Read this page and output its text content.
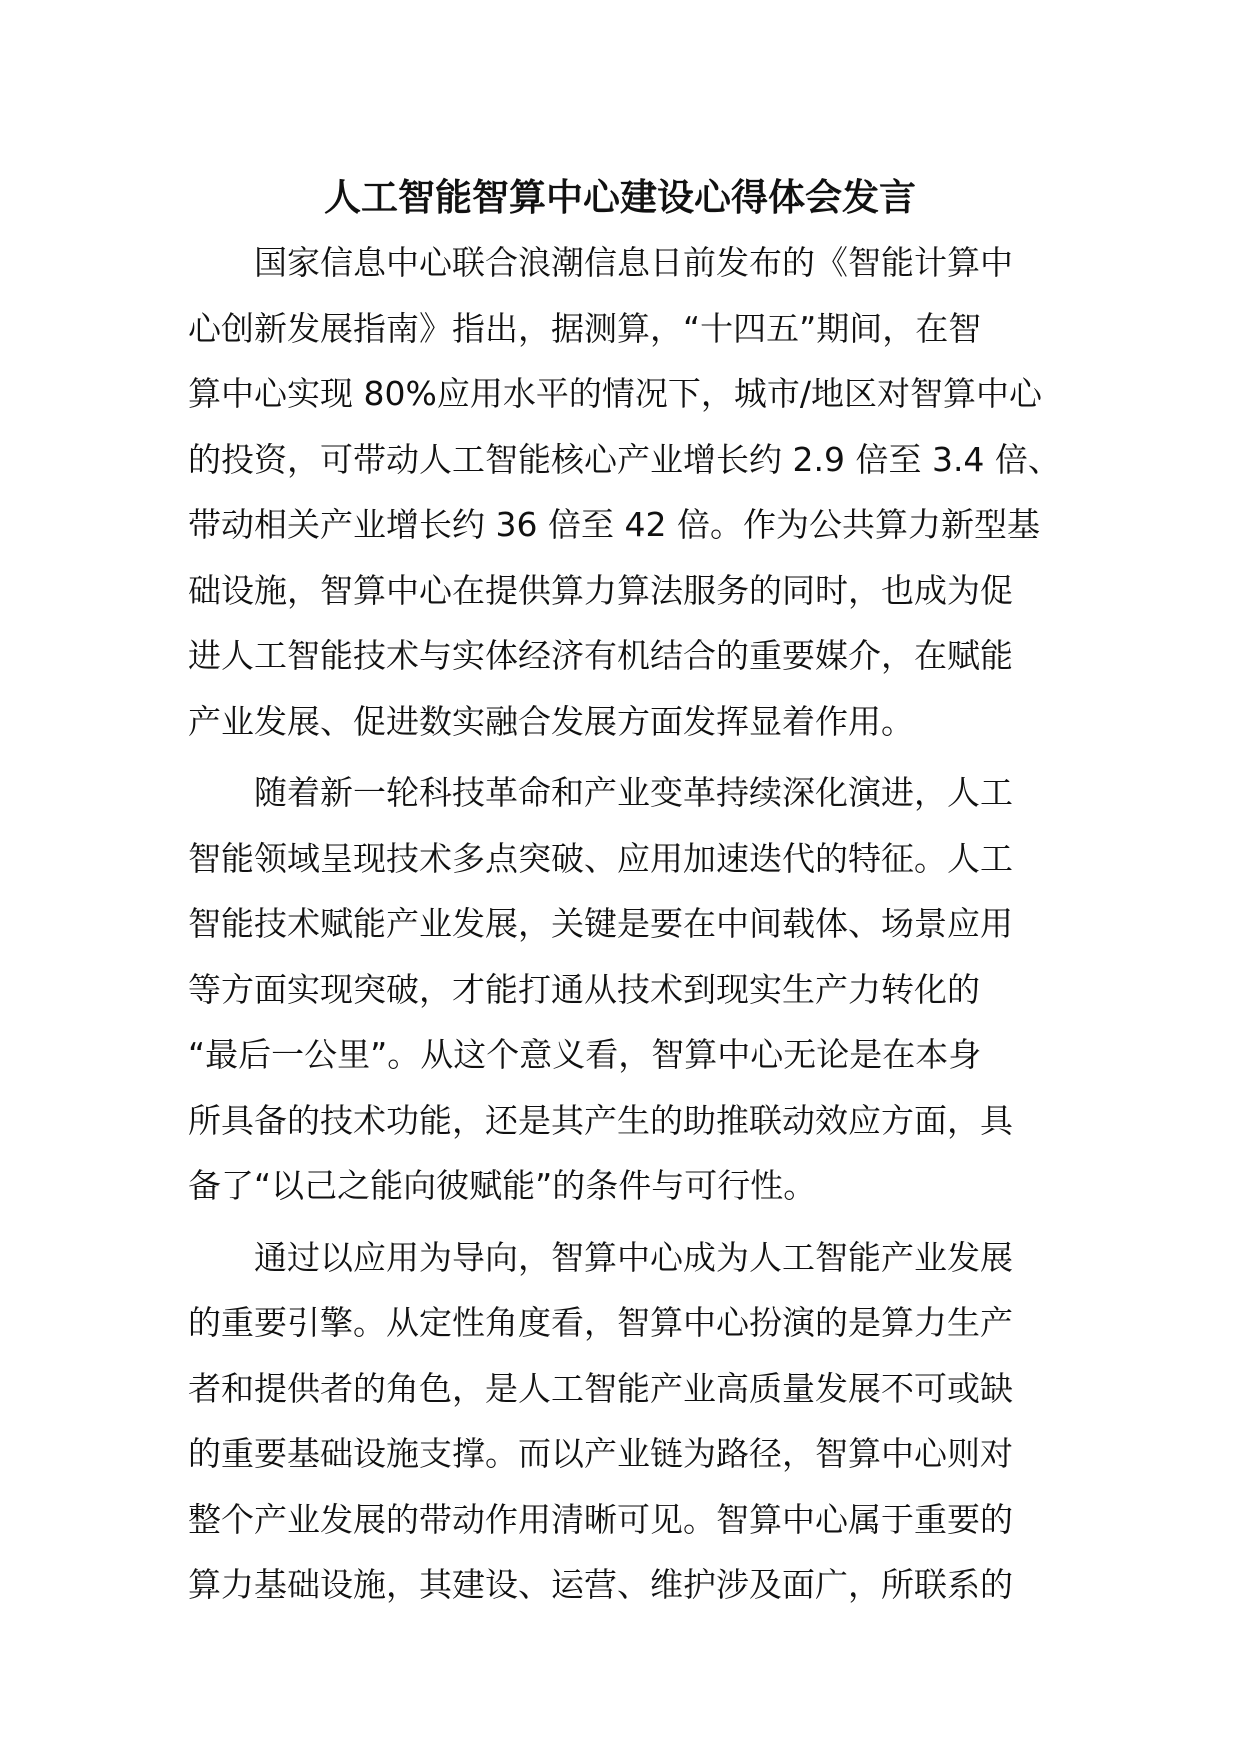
人工智能智算中心建设心得体会发言
国家信息中心联合浪潮信息日前发布的《智能计算中
心创新发展指南》指出，据测算，“十四五”期间，在智
算中心实现 80%应用水平的情况下，城市/地区对智算中心
的投资，可带动人工智能核心产业增长约 2.9 倍至 3.4 倍、
带动相关产业增长约 36 倍至 42 倍。作为公共算力新型基
础设施，智算中心在提供算力算法服务的同时，也成为促
进人工智能技术与实体经济有机结合的重要媒介，在赋能
产业发展、促进数实融合发展方面发挥显着作用。
随着新一轮科技革命和产业变革持续深化演进，人工
智能领域呈现技术多点突破、应用加速迭代的特征。人工
智能技术赋能产业发展，关键是要在中间载体、场景应用
等方面实现突破，才能打通从技术到现实生产力转化的
“最后一公里”。从这个意义看，智算中心无论是在本身
所具备的技术功能，还是其产生的助推联动效应方面，具
备了“以己之能向彼赋能”的条件与可行性。
通过以应用为导向，智算中心成为人工智能产业发展
的重要引擎。从定性角度看，智算中心扮演的是算力生产
者和提供者的角色，是人工智能产业高质量发展不可或缺
的重要基础设施支撑。而以产业链为路径，智算中心则对
整个产业发展的带动作用清晰可见。智算中心属于重要的
算力基础设施，其建设、运营、维护涉及面广，所联系的
